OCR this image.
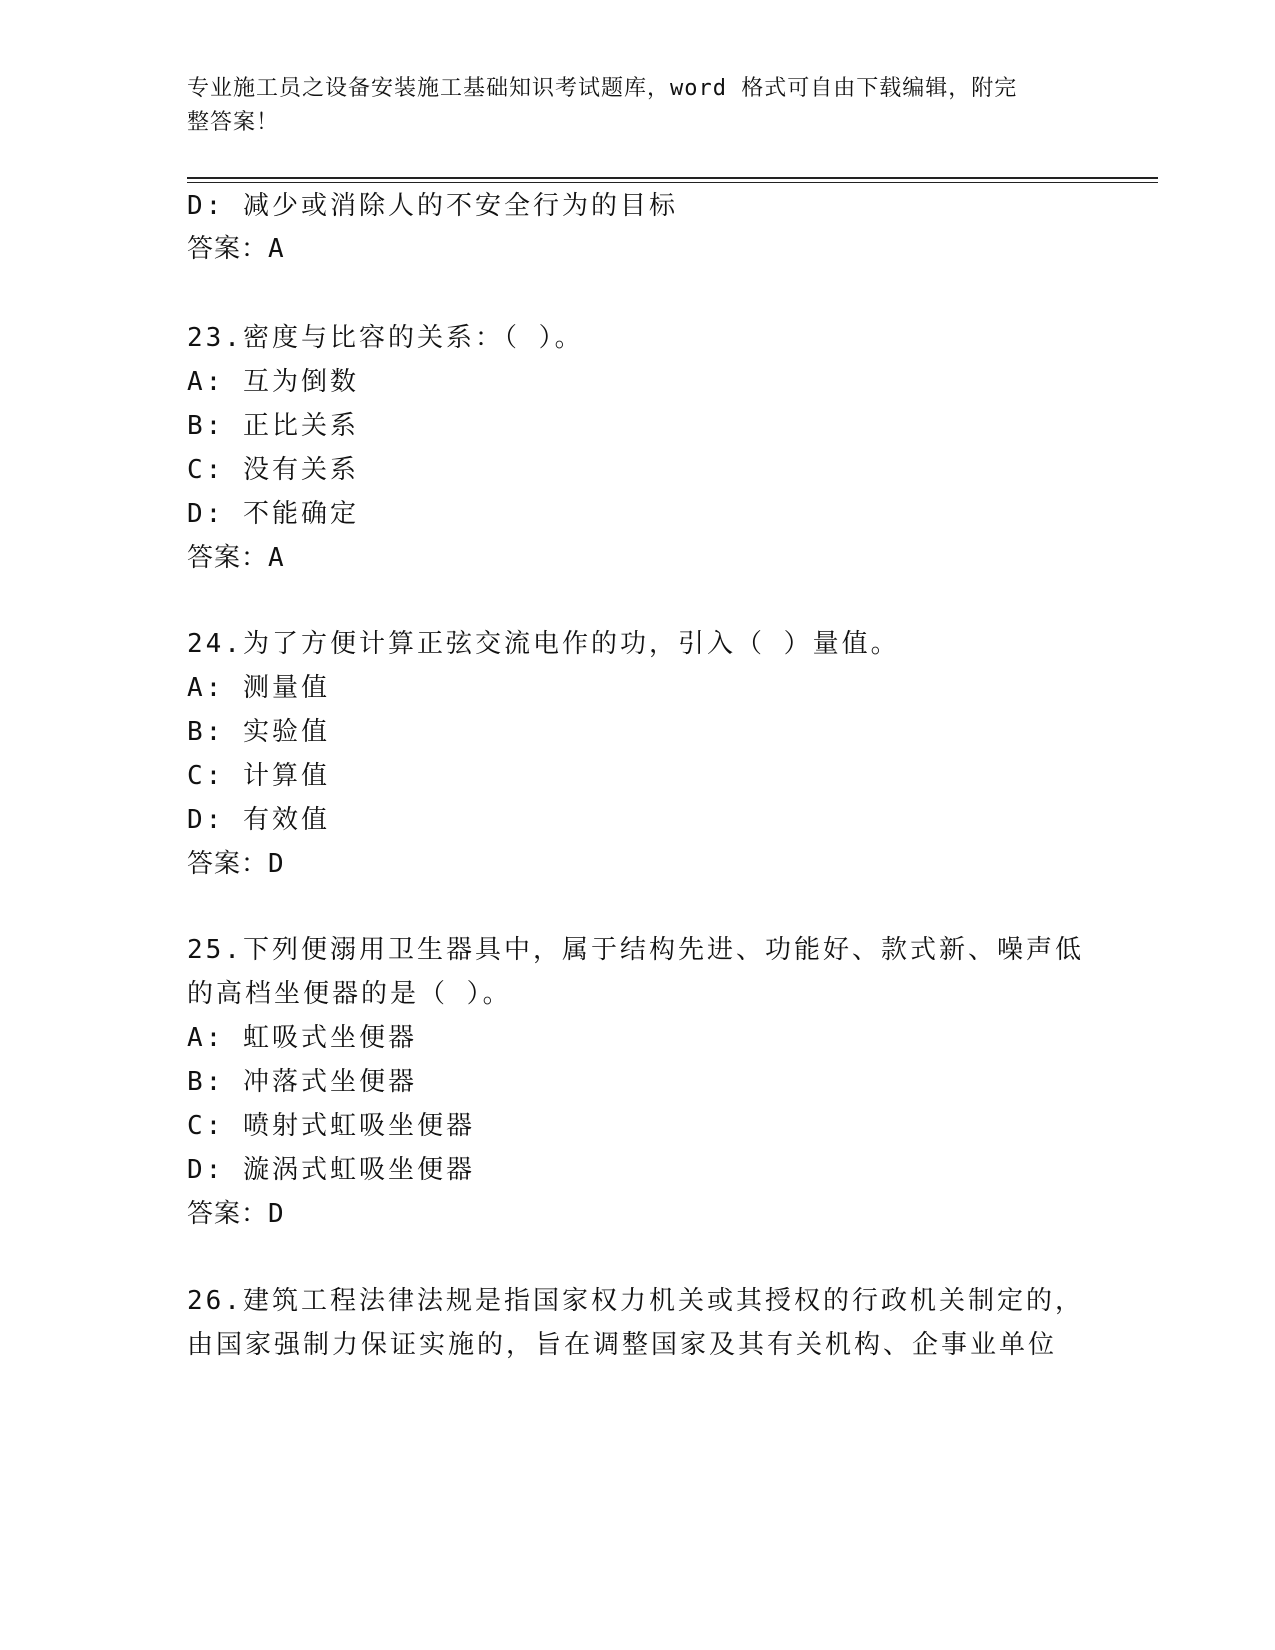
专业施工员之设备安装施工基础知识考试题库，word 格式可自由下载编辑，附完
整答案！
D: 减少或消除人的不安全行为的目标
答案：A
23.密度与比容的关系：（ ）。
A: 互为倒数
B: 正比关系
C: 没有关系
D: 不能确定
答案：A
24.为了方便计算正弦交流电作的功，引入（ ）量值。
A: 测量值
B: 实验值
C: 计算值
D: 有效值
答案：D
25.下列便溺用卫生器具中，属于结构先进、功能好、款式新、噪声低
的高档坐便器的是（ ）。
A: 虹吸式坐便器
B: 冲落式坐便器
C: 喷射式虹吸坐便器
D: 漩涡式虹吸坐便器
答案：D
26.建筑工程法律法规是指国家权力机关或其授权的行政机关制定的，
由国家强制力保证实施的，旨在调整国家及其有关机构、企事业单位
